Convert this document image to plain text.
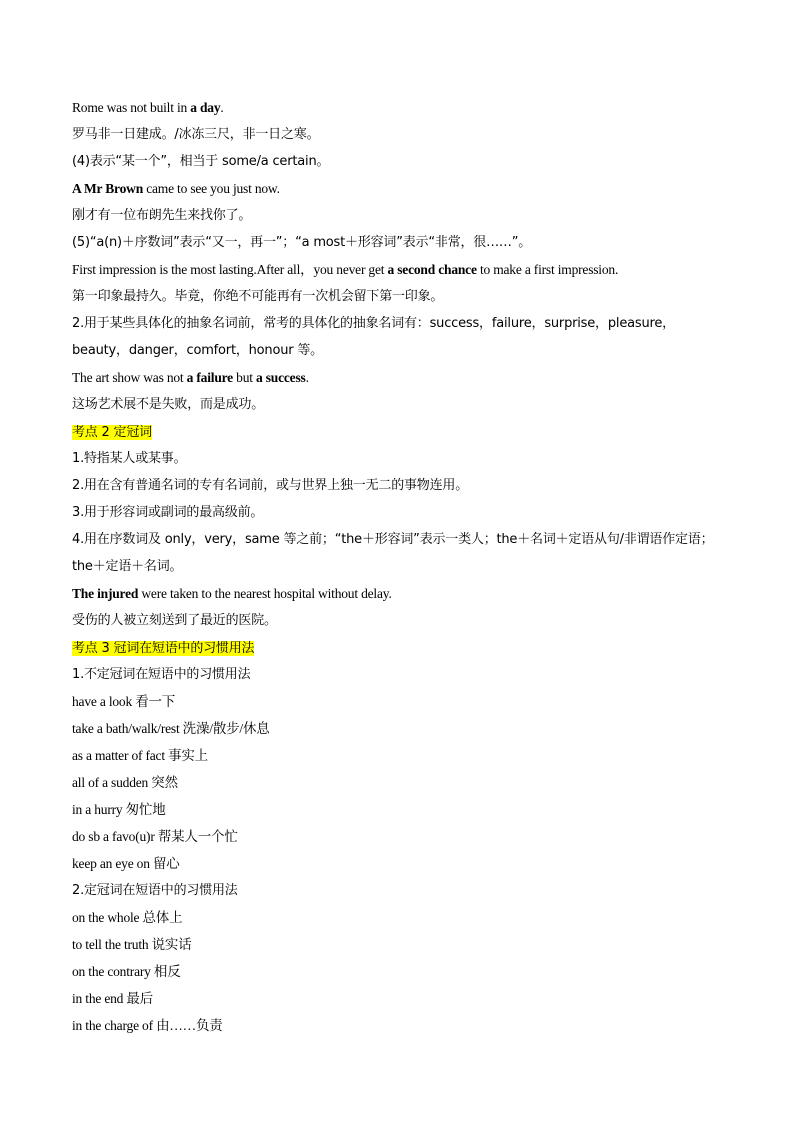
Rome was not built in a day.
罗马非一日建成。/冰冻三尺，非一日之寒。
(4)表示“某一个”，相当于 some/a certain。
A Mr Brown came to see you just now.
刚才有一位布朗先生来找你了。
(5)“a(n)＋序数词”表示“又一，再一”；“a most＋形容词”表示“非常，很……”。
First impression is the most lasting.After all，you never get a second chance to make a first impression.
第一印象最持久。毕竟，你绝不可能再有一次机会留下第一印象。
2.用于某些具体化的抽象名词前，常考的具体化的抽象名词有：success，failure，surprise，pleasure，
beauty，danger，comfort，honour 等。
The art show was not a failure but a success.
这场艺术展不是失败，而是成功。
考点 2 定冠词
1.特指某人或某事。
2.用在含有普通名词的专有名词前，或与世界上独一无二的事物连用。
3.用于形容词或副词的最高级前。
4.用在序数词及 only，very，same 等之前；“the＋形容词”表示一类人；the＋名词＋定语从句/非谓语作定语；
the＋定语＋名词。
The injured were taken to the nearest hospital without delay.
受伤的人被立刻送到了最近的医院。
考点 3 冠词在短语中的习惯用法
1.不定冠词在短语中的习惯用法
have a look 看一下
take a bath/walk/rest 洗澡/散步/休息
as a matter of fact 事实上
all of a sudden 突然
in a hurry 匆忙地
do sb a favo(u)r 帮某人一个忙
keep an eye on 留心
2.定冠词在短语中的习惯用法
on the whole 总体上
to tell the truth 说实话
on the contrary 相反
in the end 最后
in the charge of 由……负责
